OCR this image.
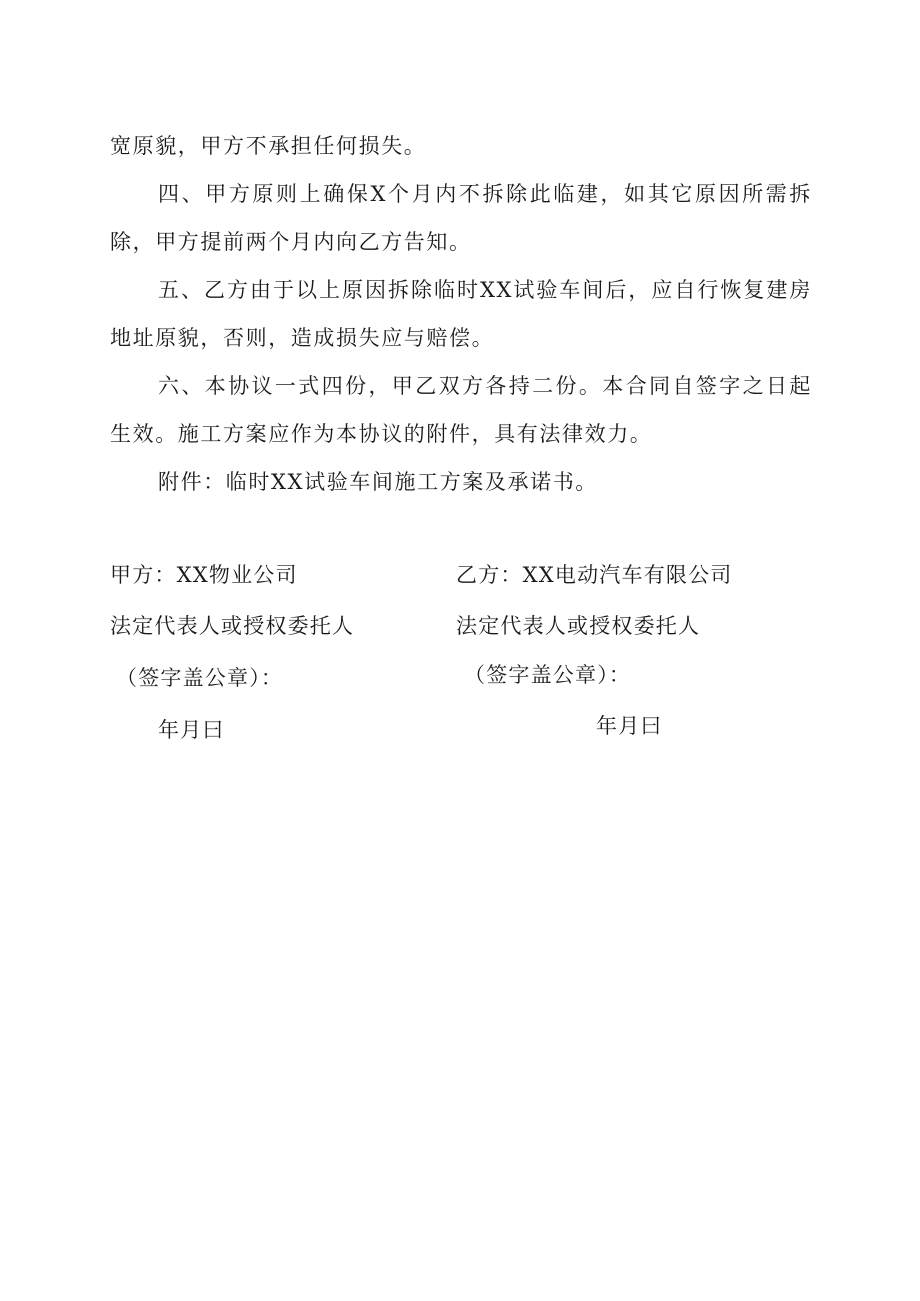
宽原貌，甲方不承担任何损失。

四、甲方原则上确保X个月内不拆除此临建，如其它原因所需拆除，甲方提前两个月内向乙方告知。

五、乙方由于以上原因拆除临时XX试验车间后，应自行恢复建房地址原貌，否则，造成损失应与赔偿。

六、本协议一式四份，甲乙双方各持二份。本合同自签字之日起生效。施工方案应作为本协议的附件，具有法律效力。

附件：临时XX试验车间施工方案及承诺书。

甲方：XX物业公司
法定代表人或授权委托人
（签字盖公章）：
年月曰
乙方：XX电动汽车有限公司
法定代表人或授权委托人
（签字盖公章）：
年月曰
